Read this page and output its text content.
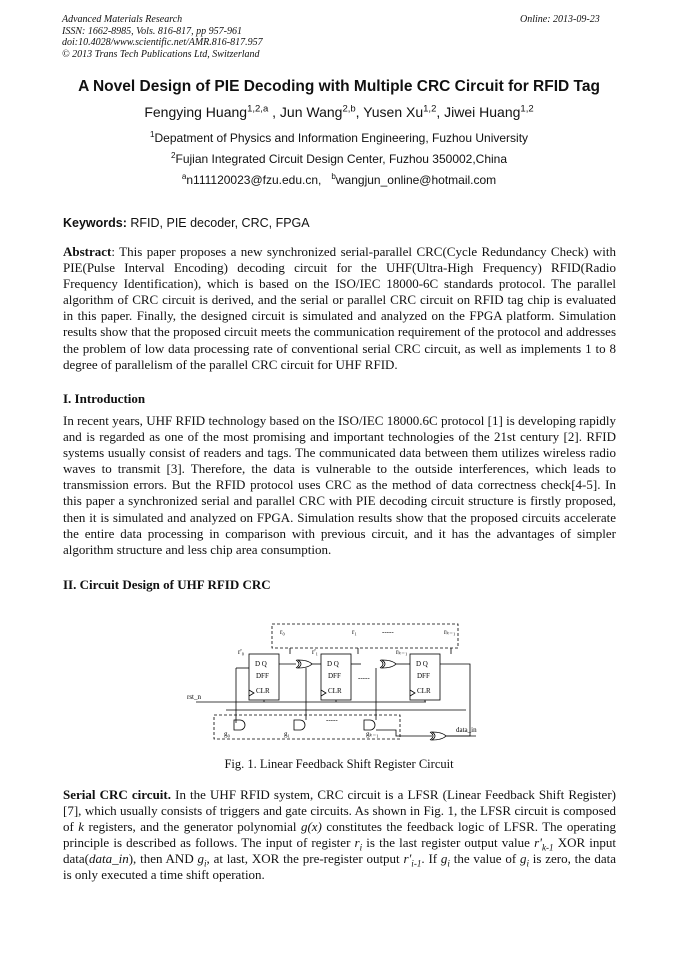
Advanced Materials Research
ISSN: 1662-8985, Vols. 816-817, pp 957-961
doi:10.4028/www.scientific.net/AMR.816-817.957
© 2013 Trans Tech Publications Ltd, Switzerland
Online: 2013-09-23
A Novel Design of PIE Decoding with Multiple CRC Circuit for RFID Tag
Fengying Huang$^{1,2,a}$ , Jun Wang$^{2,b}$, Yusen Xu$^{1,2}$, Jiwei Huang$^{1,2}$
$^1$Depatment of Physics and Information Engineering, Fuzhou University
$^2$Fujian Integrated Circuit Design Center, Fuzhou 350002,China
$^a$n111120023@fzu.edu.cn, $^b$wangjun_online@hotmail.com
Keywords: RFID, PIE decoder, CRC, FPGA
Abstract: This paper proposes a new synchronized serial-parallel CRC(Cycle Redundancy Check) with PIE(Pulse Interval Encoding) decoding circuit for the UHF(Ultra-High Frequency) RFID(Radio Frequency Identification), which is based on the ISO/IEC 18000-6C standards protocol. The parallel algorithm of CRC circuit is derived, and the serial or parallel CRC circuit on RFID tag chip is evaluated in this paper. Finally, the designed circuit is simulated and analyzed on the FPGA platform. Simulation results show that the proposed circuit meets the communication requirement of the protocol and addresses the problem of low data processing rate of conventional serial CRC circuit, as well as implements 1 to 8 degree of parallelism of the parallel CRC circuit for UHF RFID.
I. Introduction
In recent years, UHF RFID technology based on the ISO/IEC 18000.6C protocol [1] is developing rapidly and is regarded as one of the most promising and important technologies of the 21st century [2]. RFID systems usually consist of readers and tags. The communicated data between them utilizes wireless radio waves to transmit [3]. Therefore, the data is vulnerable to the outside interferences, which leads to transmission errors. But the RFID protocol uses CRC as the method of data correctness check[4-5]. In this paper a synchronized serial and parallel CRC with PIE decoding circuit structure is firstly proposed, then it is simulated and analyzed on FPGA. Simulation results show that the proposed circuits accelerate the entire data processing in comparison with previous circuit, and it has the advantages of simpler algorithm structure and less chip area consumption.
II. Circuit Design of UHF RFID CRC
r₀	r₁	rₖ₋₁
-----
r'₀	r'₁	rₖ₋₁
D Q
DFF
CLR
D Q
DFF
CLR
D Q
DFF
CLR
-----
rst_n
data_in
g₀	g₁	gₖ₋₁
-----
Fig. 1. Linear Feedback Shift Register Circuit
Serial CRC circuit. In the UHF RFID system, CRC circuit is a LFSR (Linear Feedback Shift Register) [7], which usually consists of triggers and gate circuits. As shown in Fig. 1, the LFSR circuit is composed of k registers, and the generator polynomial g(x) constitutes the feedback logic of LFSR. The operating principle is described as follows. The input of register $r_i$ is the last register output value $r'_{k-1}$ XOR input data(data_in), then AND $g_i$, at last, XOR the pre-register output $r'_{i-1}$. If $g_i$ the value of $g_i$ is zero, the data is only executed a time shift operation.
